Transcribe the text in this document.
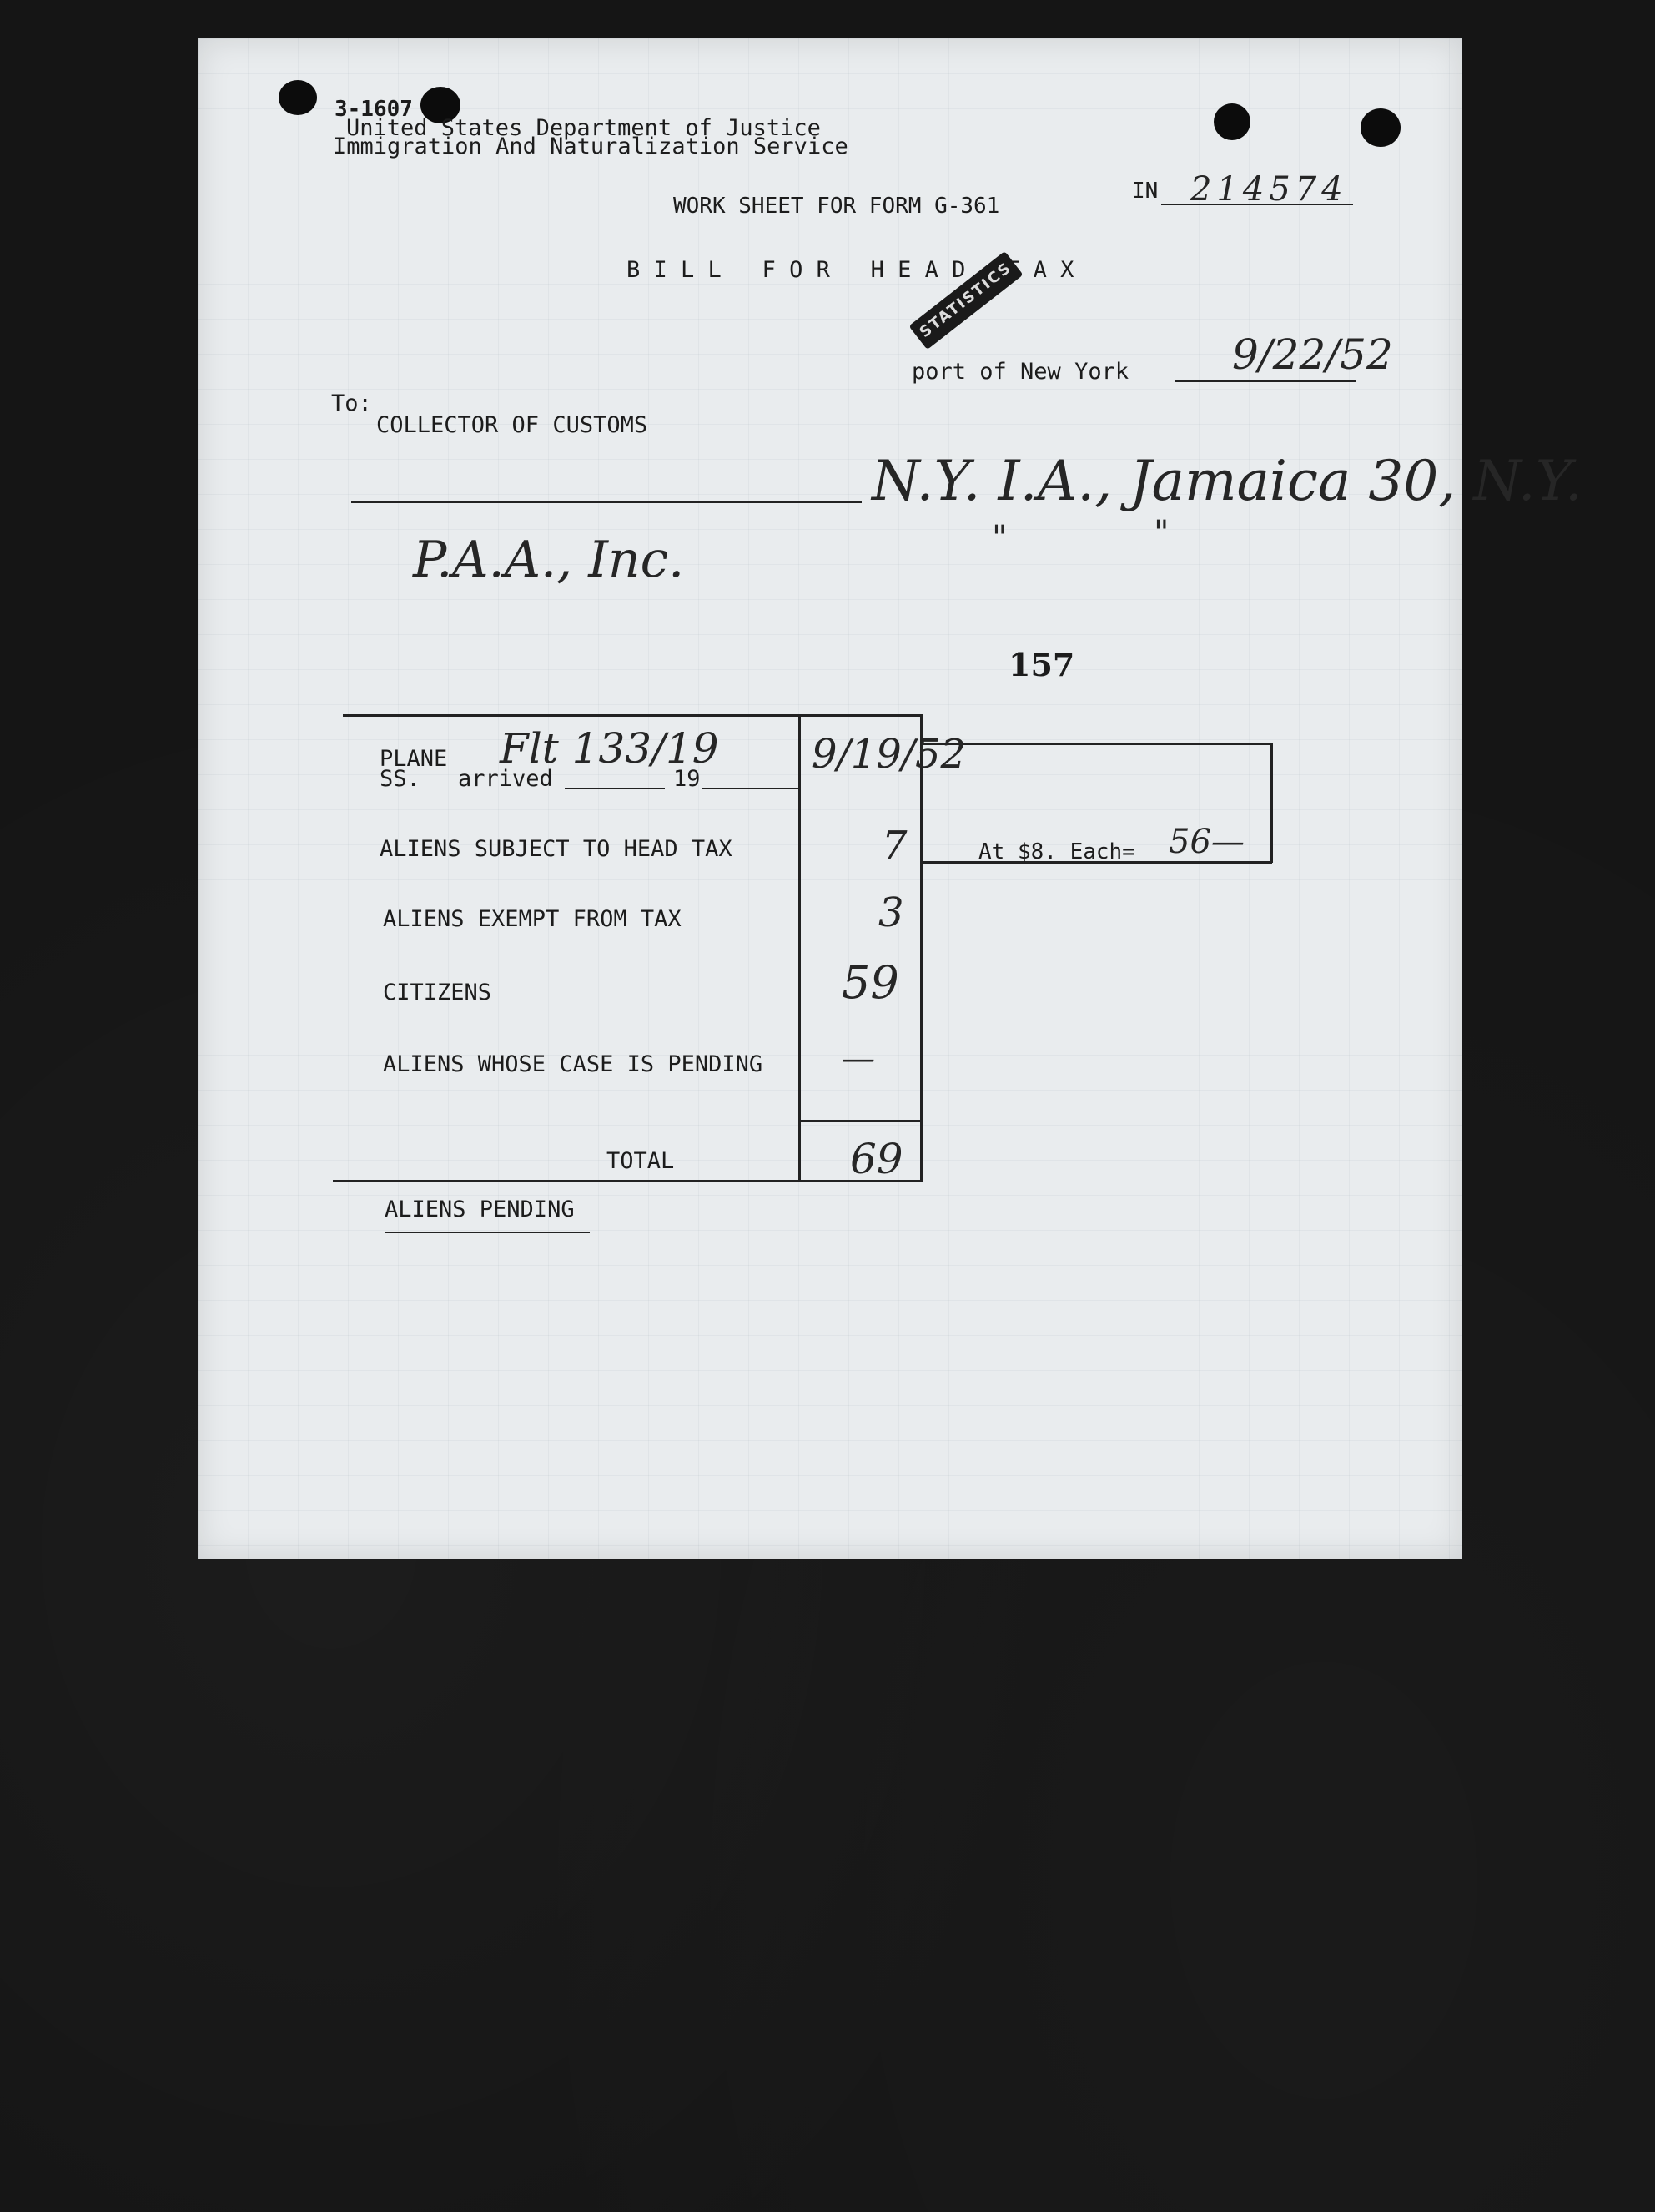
3-1607
United States Department of Justice
Immigration And Naturalization Service
WORK SHEET FOR FORM G-361
IN 214574
B I L L   F O R   H E A D   T A X
STATISTICS
port of New York 9/22/52
To:
COLLECTOR OF CUSTOMS
N.Y. I.A., Jamaica 30, N.Y.
"	"
P.A.A., Inc.
157
At $8. Each= 56—
PLANE Flt 133/19
SS. arrived	19
9/19/52
ALIENS SUBJECT TO HEAD TAX	7
ALIENS EXEMPT FROM TAX	3
CITIZENS	59
ALIENS WHOSE CASE IS PENDING —
TOTAL	69
ALIENS PENDING
